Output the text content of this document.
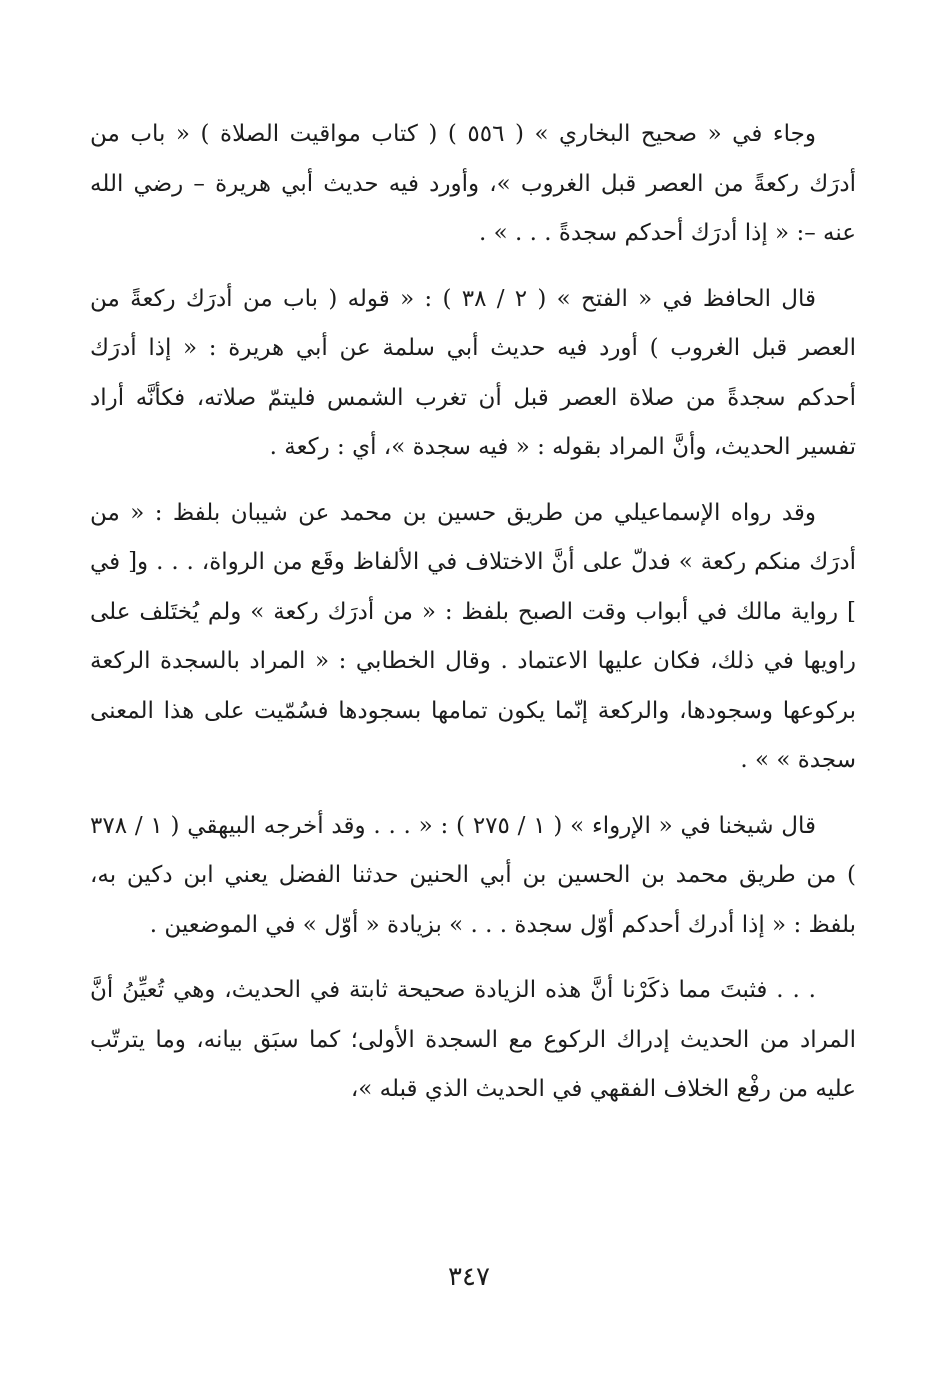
وجاء في « صحيح البخاري » ( ٥٥٦ ) ( كتاب مواقيت الصلاة ) « باب من أدرَك ركعةً من العصر قبل الغروب »، وأورد فيه حديث أبي هريرة – رضي الله عنه –: « إذا أدرَك أحدكم سجدةً . . . » .

قال الحافظ في « الفتح » ( ٢ / ٣٨ ) : « قوله ( باب من أدرَك ركعةً من العصر قبل الغروب ) أورد فيه حديث أبي سلمة عن أبي هريرة : « إذا أدرَك أحدكم سجدةً من صلاة العصر قبل أن تغرب الشمس فليتمّ صلاته، فكأنَّه أراد تفسير الحديث، وأنَّ المراد بقوله : « فيه سجدة »، أي : ركعة .

وقد رواه الإسماعيلي من طريق حسين بن محمد عن شيبان بلفظ : « من أدرَك منكم ركعة » فدلّ على أنَّ الاختلاف في الألفاظ وقَع من الرواة، . . . و[ في ] رواية مالك في أبواب وقت الصبح بلفظ : « من أدرَك ركعة » ولم يُختَلف على راويها في ذلك، فكان عليها الاعتماد . وقال الخطابي : « المراد بالسجدة الركعة بركوعها وسجودها، والركعة إنّما يكون تمامها بسجودها فسُمّيت على هذا المعنى سجدة » » .

قال شيخنا في « الإرواء » ( ١ / ٢٧٥ ) : « . . . وقد أخرجه البيهقي ( ١ / ٣٧٨ ) من طريق محمد بن الحسين بن أبي الحنين حدثنا الفضل يعني ابن دكين به، بلفظ : « إذا أدرك أحدكم أوّل سجدة . . . » بزيادة « أوّل » في الموضعين .

. . . فثبتَ مما ذكَرْنا أنَّ هذه الزيادة صحيحة ثابتة في الحديث، وهي تُعيِّنُ أنَّ المراد من الحديث إدراك الركوع مع السجدة الأولى؛ كما سبَق بيانه، وما يترتّب عليه من رفْع الخلاف الفقهي في الحديث الذي قبله »،

٣٤٧
